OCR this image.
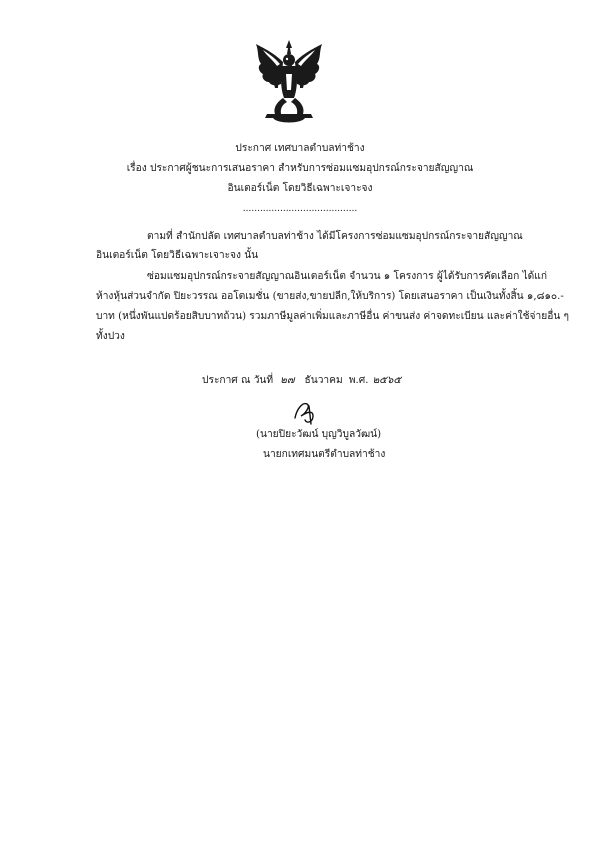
ประกาศ เทศบาลตำบลท่าช้าง
เรื่อง ประกาศผู้ชนะการเสนอราคา สำหรับการซ่อมแซมอุปกรณ์กระจายสัญญาณ
อินเตอร์เน็ต โดยวิธีเฉพาะเจาะจง
........................................
ตามที่ สำนักปลัด เทศบาลตำบลท่าช้าง ได้มีโครงการซ่อมแซมอุปกรณ์กระจายสัญญาณ
อินเตอร์เน็ต โดยวิธีเฉพาะเจาะจง นั้น
ซ่อมแซมอุปกรณ์กระจายสัญญาณอินเตอร์เน็ต จำนวน ๑ โครงการ ผู้ได้รับการคัดเลือก ได้แก่
ห้างหุ้นส่วนจำกัด ปิยะวรรณ ออโตเมชั่น (ขายส่ง,ขายปลีก,ให้บริการ) โดยเสนอราคา เป็นเงินทั้งสิ้น ๑,๘๑๐.-
บาท (หนึ่งพันแปดร้อยสิบบาทถ้วน) รวมภาษีมูลค่าเพิ่มและภาษีอื่น ค่าขนส่ง ค่าจดทะเบียน และค่าใช้จ่ายอื่น ๆ
ทั้งปวง
ประกาศ ณ วันที่ ๒๗ ธันวาคม พ.ศ. ๒๕๖๕
(นายปิยะวัฒน์ บุญวิบูลวัฒน์)
นายกเทศมนตรีตำบลท่าช้าง
